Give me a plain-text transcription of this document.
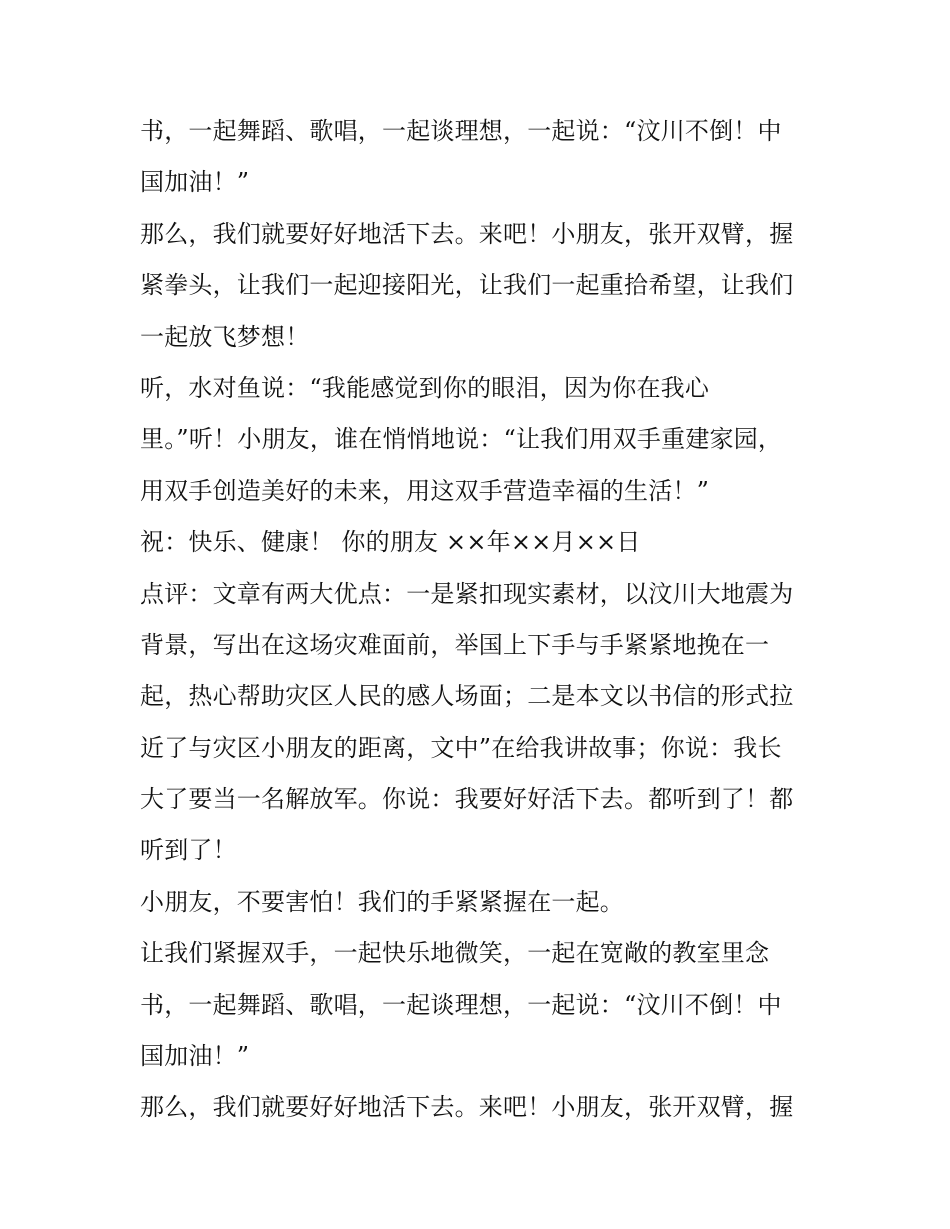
书，一起舞蹈、歌唱，一起谈理想，一起说：“汶川不倒！中
国加油！”
那么，我们就要好好地活下去。来吧！小朋友，张开双臂，握
紧拳头，让我们一起迎接阳光，让我们一起重拾希望，让我们
一起放飞梦想！
听，水对鱼说：“我能感觉到你的眼泪，因为你在我心
里。”听！小朋友，谁在悄悄地说：“让我们用双手重建家园，
用双手创造美好的未来，用这双手营造幸福的生活！”
祝：快乐、健康！ 你的朋友 ××年××月××日
点评：文章有两大优点：一是紧扣现实素材，以汶川大地震为
背景，写出在这场灾难面前，举国上下手与手紧紧地挽在一
起，热心帮助灾区人民的感人场面；二是本文以书信的形式拉
近了与灾区小朋友的距离，文中”在给我讲故事；你说：我长
大了要当一名解放军。你说：我要好好活下去。都听到了！都
听到了！
小朋友，不要害怕！我们的手紧紧握在一起。
让我们紧握双手，一起快乐地微笑，一起在宽敞的教室里念
书，一起舞蹈、歌唱，一起谈理想，一起说：“汶川不倒！中
国加油！”
那么，我们就要好好地活下去。来吧！小朋友，张开双臂，握
